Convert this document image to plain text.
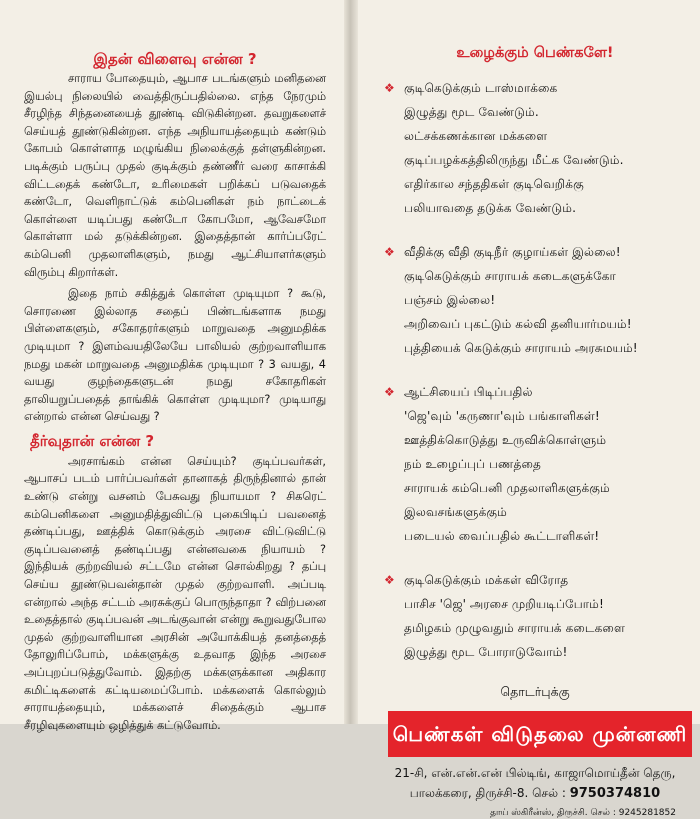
இதன் விளைவு என்ன ?

சாராய போதையும், ஆபாச படங்களும் மனிதனை இயல்பு நிலையில் வைத்திருப்பதில்லை. எந்த நேரமும் சீரழிந்த சிந்தனையைத் தூண்டி விடுகின்றன. தவறுகளைச் செய்யத் தூண்டுகின்றன. எந்த அநியாயத்தையும் கண்டும் கோபம் கொள்ளாத மழுங்கிய நிலைக்குத் தள்ளுகின்றன. படிக்கும் பருப்பு முதல் குடிக்கும் தண்ணீர் வரை காசாக்கி விட்டதைக் கண்டோ, உரிமைகள் பறிக்கப் படுவதைக் கண்டோ, வெளிநாட்டுக் கம்பெனிகள் நம் நாட்டைக் கொள்ளை யடிப்பது கண்டோ கோபமோ, ஆவேசமோ கொள்ளா மல் தடுக்கின்றன. இதைத்தான் கார்ப்பரேட் கம்பெனி முதலாளிகளும், நமது ஆட்சியாளர்களும் விரும்பு கிறார்கள்.

இதை நாம் சகித்துக் கொள்ள முடியுமா ? கூடு, சொரணை இல்லாத சதைப் பிண்டங்களாக நமது பிள்ளைகளும், சகோதரர்களும் மாறுவதை அனுமதிக்க முடியுமா ? இளம்வயதிலேயே பாலியல் குற்றவாளியாக நமது மகன் மாறுவதை அனுமதிக்க முடியுமா ? 3 வயது, 4 வயது குழந்தைகளுடன் நமது சகோதரிகள் தாலியறுப்பதைத் தாங்கிக் கொள்ள முடியுமா? முடியாது என்றால் என்ன செய்வது ?

தீர்வுதான் என்ன ?

அரசாங்கம் என்ன செய்யும்? குடிப்பவர்கள், ஆபாசப் படம் பார்ப்பவர்கள் தானாகத் திருந்தினால் தான் உண்டு என்று வசனம் பேசுவது நியாயமா ? சிகரெட் கம்பெனிகளை அனுமதித்துவிட்டு புகைபிடிப் பவனைத் தண்டிப்பது, ஊத்திக் கொடுக்கும் அரசை விட்டுவிட்டு குடிப்பவனைத் தண்டிப்பது என்னவகை நியாயம் ? இந்தியக் குற்றவியல் சட்டமே என்ன சொல்கிறது ? தப்பு செய்ய தூண்டுபவன்தான் முதல் குற்றவாளி. அப்படி என்றால் அந்த சட்டம் அரசுக்குப் பொருந்தாதா ? விற்பனை உதைத்தால் குடிப்பவன் அடங்குவான் என்று கூறுவதுபோல முதல் குற்றவாளியான அரசின் அயோக்கியத் தனத்தைத் தோலுரிப்போம், மக்களுக்கு உதவாத இந்த அரசை அப்புறப்படுத்துவோம். இதற்கு மக்களுக்கான அதிகார கமிட்டிகளைக் கட்டியமைப்போம். மக்களைக் கொல்லும் சாராயத்தையும், மக்களைச் சிதைக்கும் ஆபாச சீரழிவுகளையும் ஒழித்துக் கட்டுவோம்.

உழைக்கும் பெண்களே!
❖ குடிகெடுக்கும் டாஸ்மாக்கை
இழுத்து மூட வேண்டும்.
லட்சக்கணக்கான மக்களை
குடிப்பழக்கத்திலிருந்து மீட்க வேண்டும்.
எதிர்கால சந்ததிகள் குடிவெறிக்கு
பலியாவதை தடுக்க வேண்டும்.
❖ வீதிக்கு வீதி குடிநீர் குழாய்கள் இல்லை!
குடிகெடுக்கும் சாராயக் கடைகளுக்கோ
பஞ்சம் இல்லை!
அறிவைப் புகட்டும் கல்வி தனியார்மயம்!
புத்தியைக் கெடுக்கும் சாராயம் அரசுமயம்!
❖ ஆட்சியைப் பிடிப்பதில்
'ஜெ'வும் 'கருணா'வும் பங்காளிகள்!
ஊத்திக்கொடுத்து உருவிக்கொள்ளும்
நம் உழைப்புப் பணத்தை
சாராயக் கம்பெனி முதலாளிகளுக்கும்
இலவசங்களுக்கும்
படையல் வைப்பதில் கூட்டாளிகள்!
❖ குடிகெடுக்கும் மக்கள் விரோத
பாசிச 'ஜெ' அரசை முறியடிப்போம்!
தமிழகம் முழுவதும் சாராயக் கடைகளை
இழுத்து மூட போராடுவோம்!
தொடர்புக்கு
பெண்கள் விடுதலை முன்னணி
21-சி, என்.என்.என் பில்டிங், காஜாமொய்தீன் தெரு,
பாலக்கரை, திருச்சி-8. செல் : 9750374810
தாய் ஸ்கிரீன்ஸ், திருச்சி. செல் : 9245281852
